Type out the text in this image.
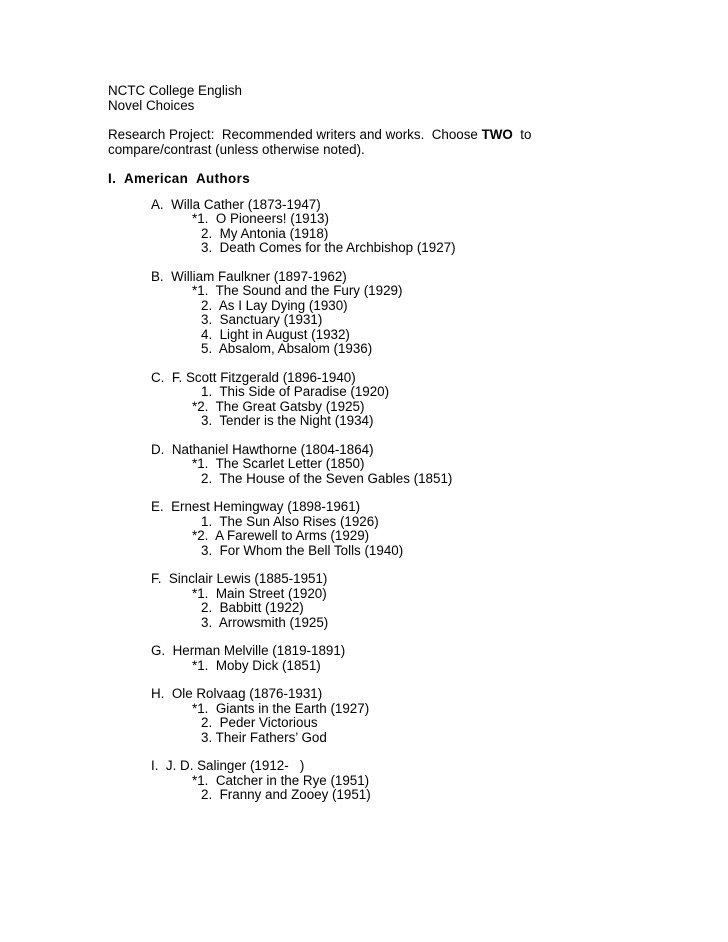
NCTC College English

Novel Choices

Research Project:  Recommended writers and works.  Choose TWO  to

compare/contrast (unless otherwise noted).

I.  American  Authors

A.  Willa Cather (1873-1947)

*1.  O Pioneers! (1913)

2.  My Antonia (1918)

3.  Death Comes for the Archbishop (1927)

B.  William Faulkner (1897-1962)

*1.  The Sound and the Fury (1929)

2.  As I Lay Dying (1930)

3.  Sanctuary (1931)

4.  Light in August (1932)

5.  Absalom, Absalom (1936)

C.  F. Scott Fitzgerald (1896-1940)

1.  This Side of Paradise (1920)

*2.  The Great Gatsby (1925)

3.  Tender is the Night (1934)

D.  Nathaniel Hawthorne (1804-1864)

*1.  The Scarlet Letter (1850)

2.  The House of the Seven Gables (1851)

E.  Ernest Hemingway (1898-1961)

1.  The Sun Also Rises (1926)

*2.  A Farewell to Arms (1929)

3.  For Whom the Bell Tolls (1940)

F.  Sinclair Lewis (1885-1951)

*1.  Main Street (1920)

2.  Babbitt (1922)

3.  Arrowsmith (1925)

G.  Herman Melville (1819-1891)

*1.  Moby Dick (1851)

H.  Ole Rolvaag (1876-1931)

*1.  Giants in the Earth (1927)

2.  Peder Victorious

3. Their Fathers’ God

I.  J. D. Salinger (1912-   )

*1.  Catcher in the Rye (1951)

2.  Franny and Zooey (1951)
